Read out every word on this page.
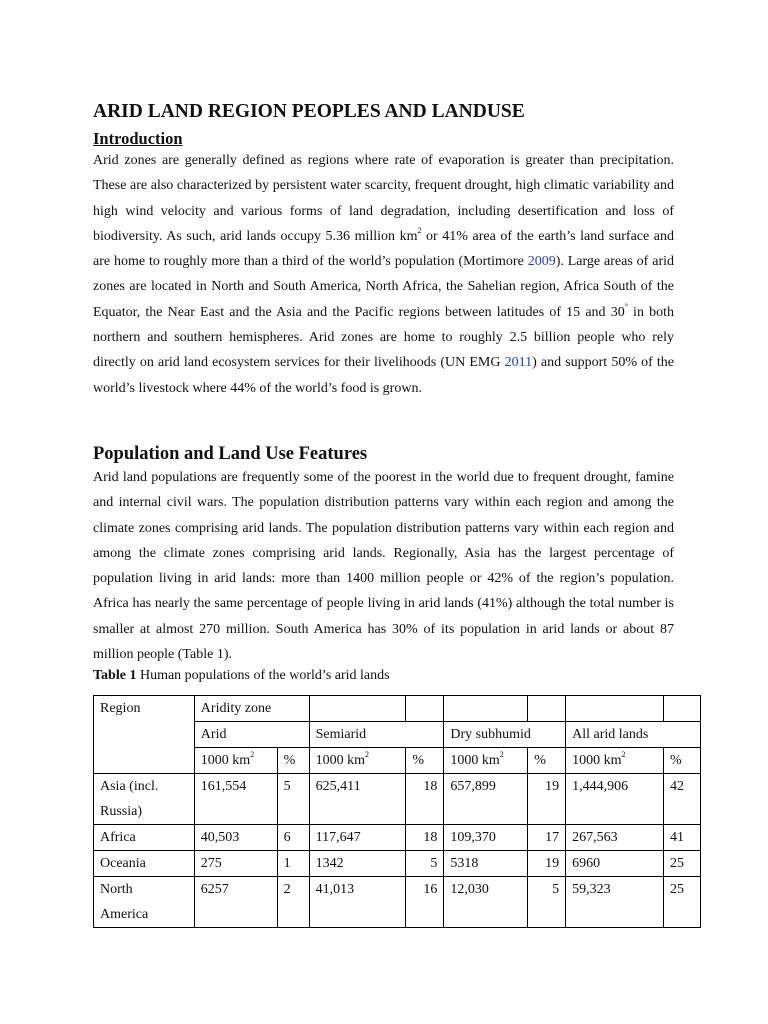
ARID LAND REGION PEOPLES AND LANDUSE
Introduction

Arid zones are generally defined as regions where rate of evaporation is greater than precipitation. These are also characterized by persistent water scarcity, frequent drought, high climatic variability and high wind velocity and various forms of land degradation, including desertification and loss of biodiversity. As such, arid lands occupy 5.36 million $km^2$ or 41% area of the earth’s land surface and are home to roughly more than a third of the world’s population (Mortimore 2009). Large areas of arid zones are located in North and South America, North Africa, the Sahelian region, Africa South of the Equator, the Near East and the Asia and the Pacific regions between latitudes of 15 and 30° in both northern and southern hemispheres. Arid zones are home to roughly 2.5 billion people who rely directly on arid land ecosystem services for their livelihoods (UN EMG 2011) and support 50% of the world’s livestock where 44% of the world’s food is grown.

Population and Land Use Features

Arid land populations are frequently some of the poorest in the world due to frequent drought, famine and internal civil wars. The population distribution patterns vary within each region and among the climate zones comprising arid lands. The population distribution patterns vary within each region and among the climate zones comprising arid lands. Regionally, Asia has the largest percentage of population living in arid lands: more than 1400 million people or 42% of the region’s population. Africa has nearly the same percentage of people living in arid lands (41%) although the total number is smaller at almost 270 million. South America has 30% of its population in arid lands or about 87 million people (Table 1).

Table 1 Human populations of the world’s arid lands

Region	Aridity zone							
	Arid		Semiarid		Dry subhumid		All arid lands	
	1000 $km^2$	%	1000 $km^2$	%	1000 $km^2$	%	1000 $km^2$	%

Asia (incl.
Russia)	161,554	5	625,411	18	657,899	19	1,444,906	42
Africa	40,503	6	117,647	18	109,370	17	267,563	41
Oceania	275	1	1342	5	5318	19	6960	25

North
America	6257	2	41,013	16	12,030	5	59,323	25
